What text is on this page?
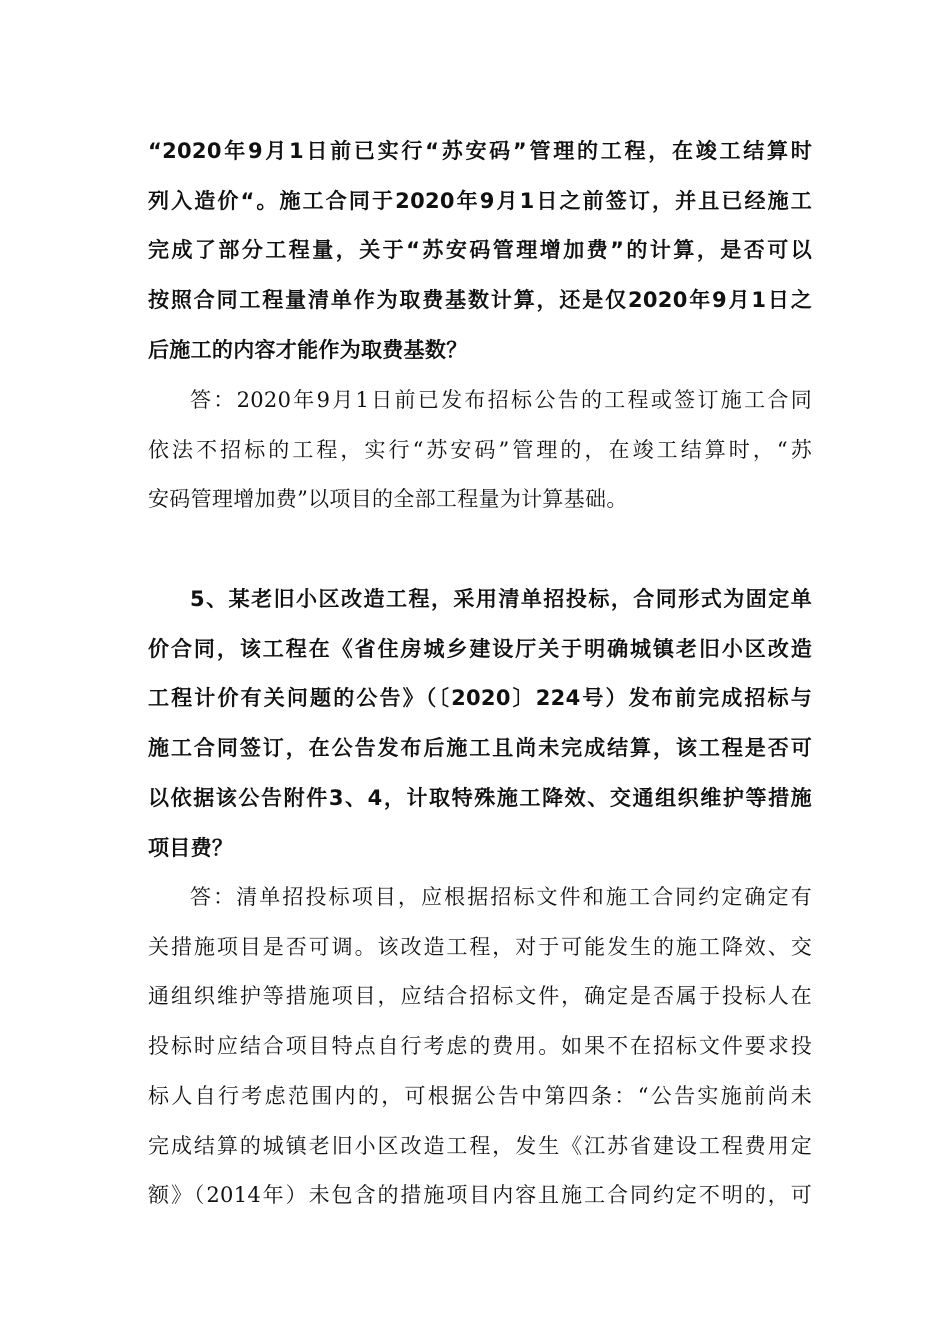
“2020年9月1日前已实行“苏安码”管理的工程，在竣工结算时
列入造价“。施工合同于2020年9月1日之前签订，并且已经施工
完成了部分工程量，关于“苏安码管理增加费”的计算，是否可以
按照合同工程量清单作为取费基数计算，还是仅2020年9月1日之
后施工的内容才能作为取费基数？
答：2020年9月1日前已发布招标公告的工程或签订施工合同
依法不招标的工程，实行“苏安码”管理的，在竣工结算时，“苏
安码管理增加费”以项目的全部工程量为计算基础。
5、某老旧小区改造工程，采用清单招投标，合同形式为固定单
价合同，该工程在《省住房城乡建设厅关于明确城镇老旧小区改造
工程计价有关问题的公告》（〔2020〕224号）发布前完成招标与
施工合同签订，在公告发布后施工且尚未完成结算，该工程是否可
以依据该公告附件3、4，计取特殊施工降效、交通组织维护等措施
项目费？
答：清单招投标项目，应根据招标文件和施工合同约定确定有
关措施项目是否可调。该改造工程，对于可能发生的施工降效、交
通组织维护等措施项目，应结合招标文件，确定是否属于投标人在
投标时应结合项目特点自行考虑的费用。如果不在招标文件要求投
标人自行考虑范围内的，可根据公告中第四条：“公告实施前尚未
完成结算的城镇老旧小区改造工程，发生《江苏省建设工程费用定
额》（2014年）未包含的措施项目内容且施工合同约定不明的，可
